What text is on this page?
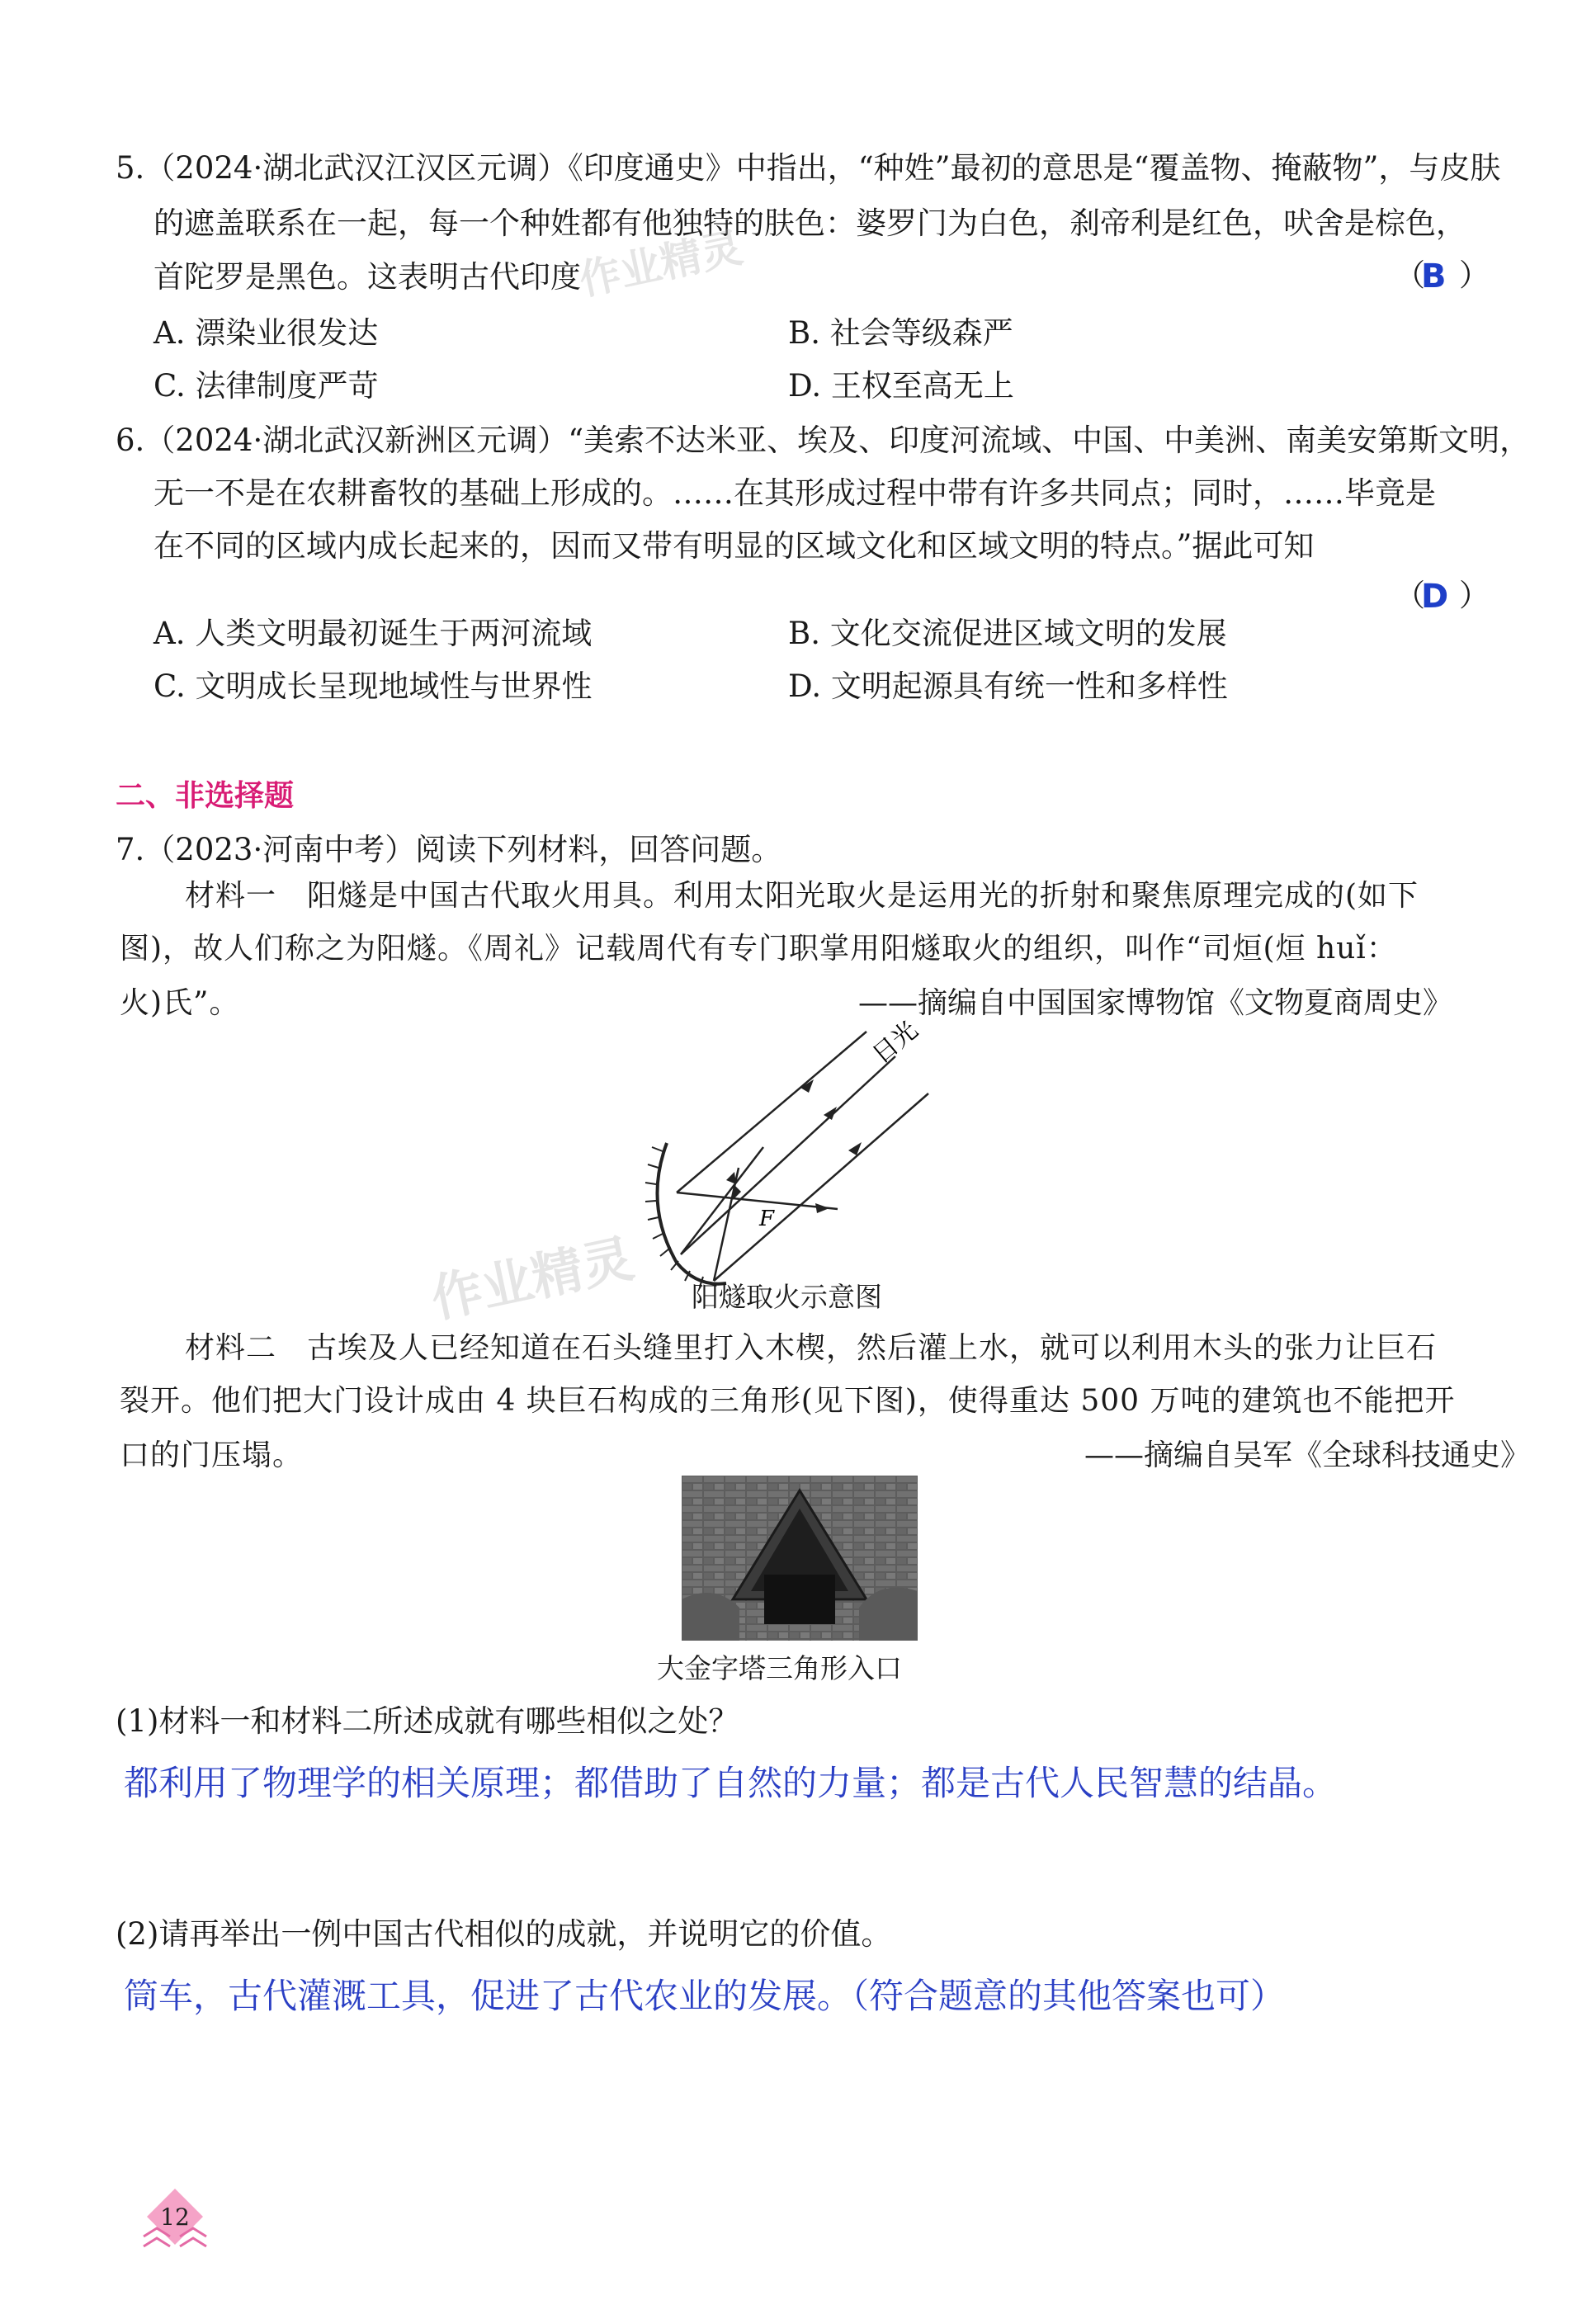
5.（2024·湖北武汉江汉区元调）《印度通史》中指出，“种姓”最初的意思是“覆盖物、掩蔽物”，与皮肤
的遮盖联系在一起，每一个种姓都有他独特的肤色：婆罗门为白色，刹帝利是红色，吠舍是棕色，
首陀罗是黑色。这表明古代印度	（
B ）
A. 漂染业很发达	B. 社会等级森严
C. 法律制度严苛	D. 王权至高无上
6.（2024·湖北武汉新洲区元调）“美索不达米亚、埃及、印度河流域、中国、中美洲、南美安第斯文明，
无一不是在农耕畜牧的基础上形成的。……在其形成过程中带有许多共同点；同时，……毕竟是
在不同的区域内成长起来的，因而又带有明显的区域文化和区域文明的特点。”据此可知
（
D ）
A. 人类文明最初诞生于两河流域	B. 文化交流促进区域文明的发展
C. 文明成长呈现地域性与世界性	D. 文明起源具有统一性和多样性
二、非选择题
7.（2023·河南中考）阅读下列材料，回答问题。
材料一　阳燧是中国古代取火用具。利用太阳光取火是运用光的折射和聚焦原理完成的(如下
图)，故人们称之为阳燧。《周礼》记载周代有专门职掌用阳燧取火的组织，叫作“司烜(烜 huǐ：
火)氏”。	——摘编自中国国家博物馆《文物夏商周史》
日光
F
作业精灵
作业精灵
阳燧取火示意图
材料二　古埃及人已经知道在石头缝里打入木楔，然后灌上水，就可以利用木头的张力让巨石
裂开。他们把大门设计成由 4 块巨石构成的三角形(见下图)，使得重达 500 万吨的建筑也不能把开
口的门压塌。	——摘编自吴军《全球科技通史》
大金字塔三角形入口
(1)材料一和材料二所述成就有哪些相似之处？
都利用了物理学的相关原理；都借助了自然的力量；都是古代人民智慧的结晶。
(2)请再举出一例中国古代相似的成就，并说明它的价值。
筒车，古代灌溉工具，促进了古代农业的发展。（符合题意的其他答案也可）
12
